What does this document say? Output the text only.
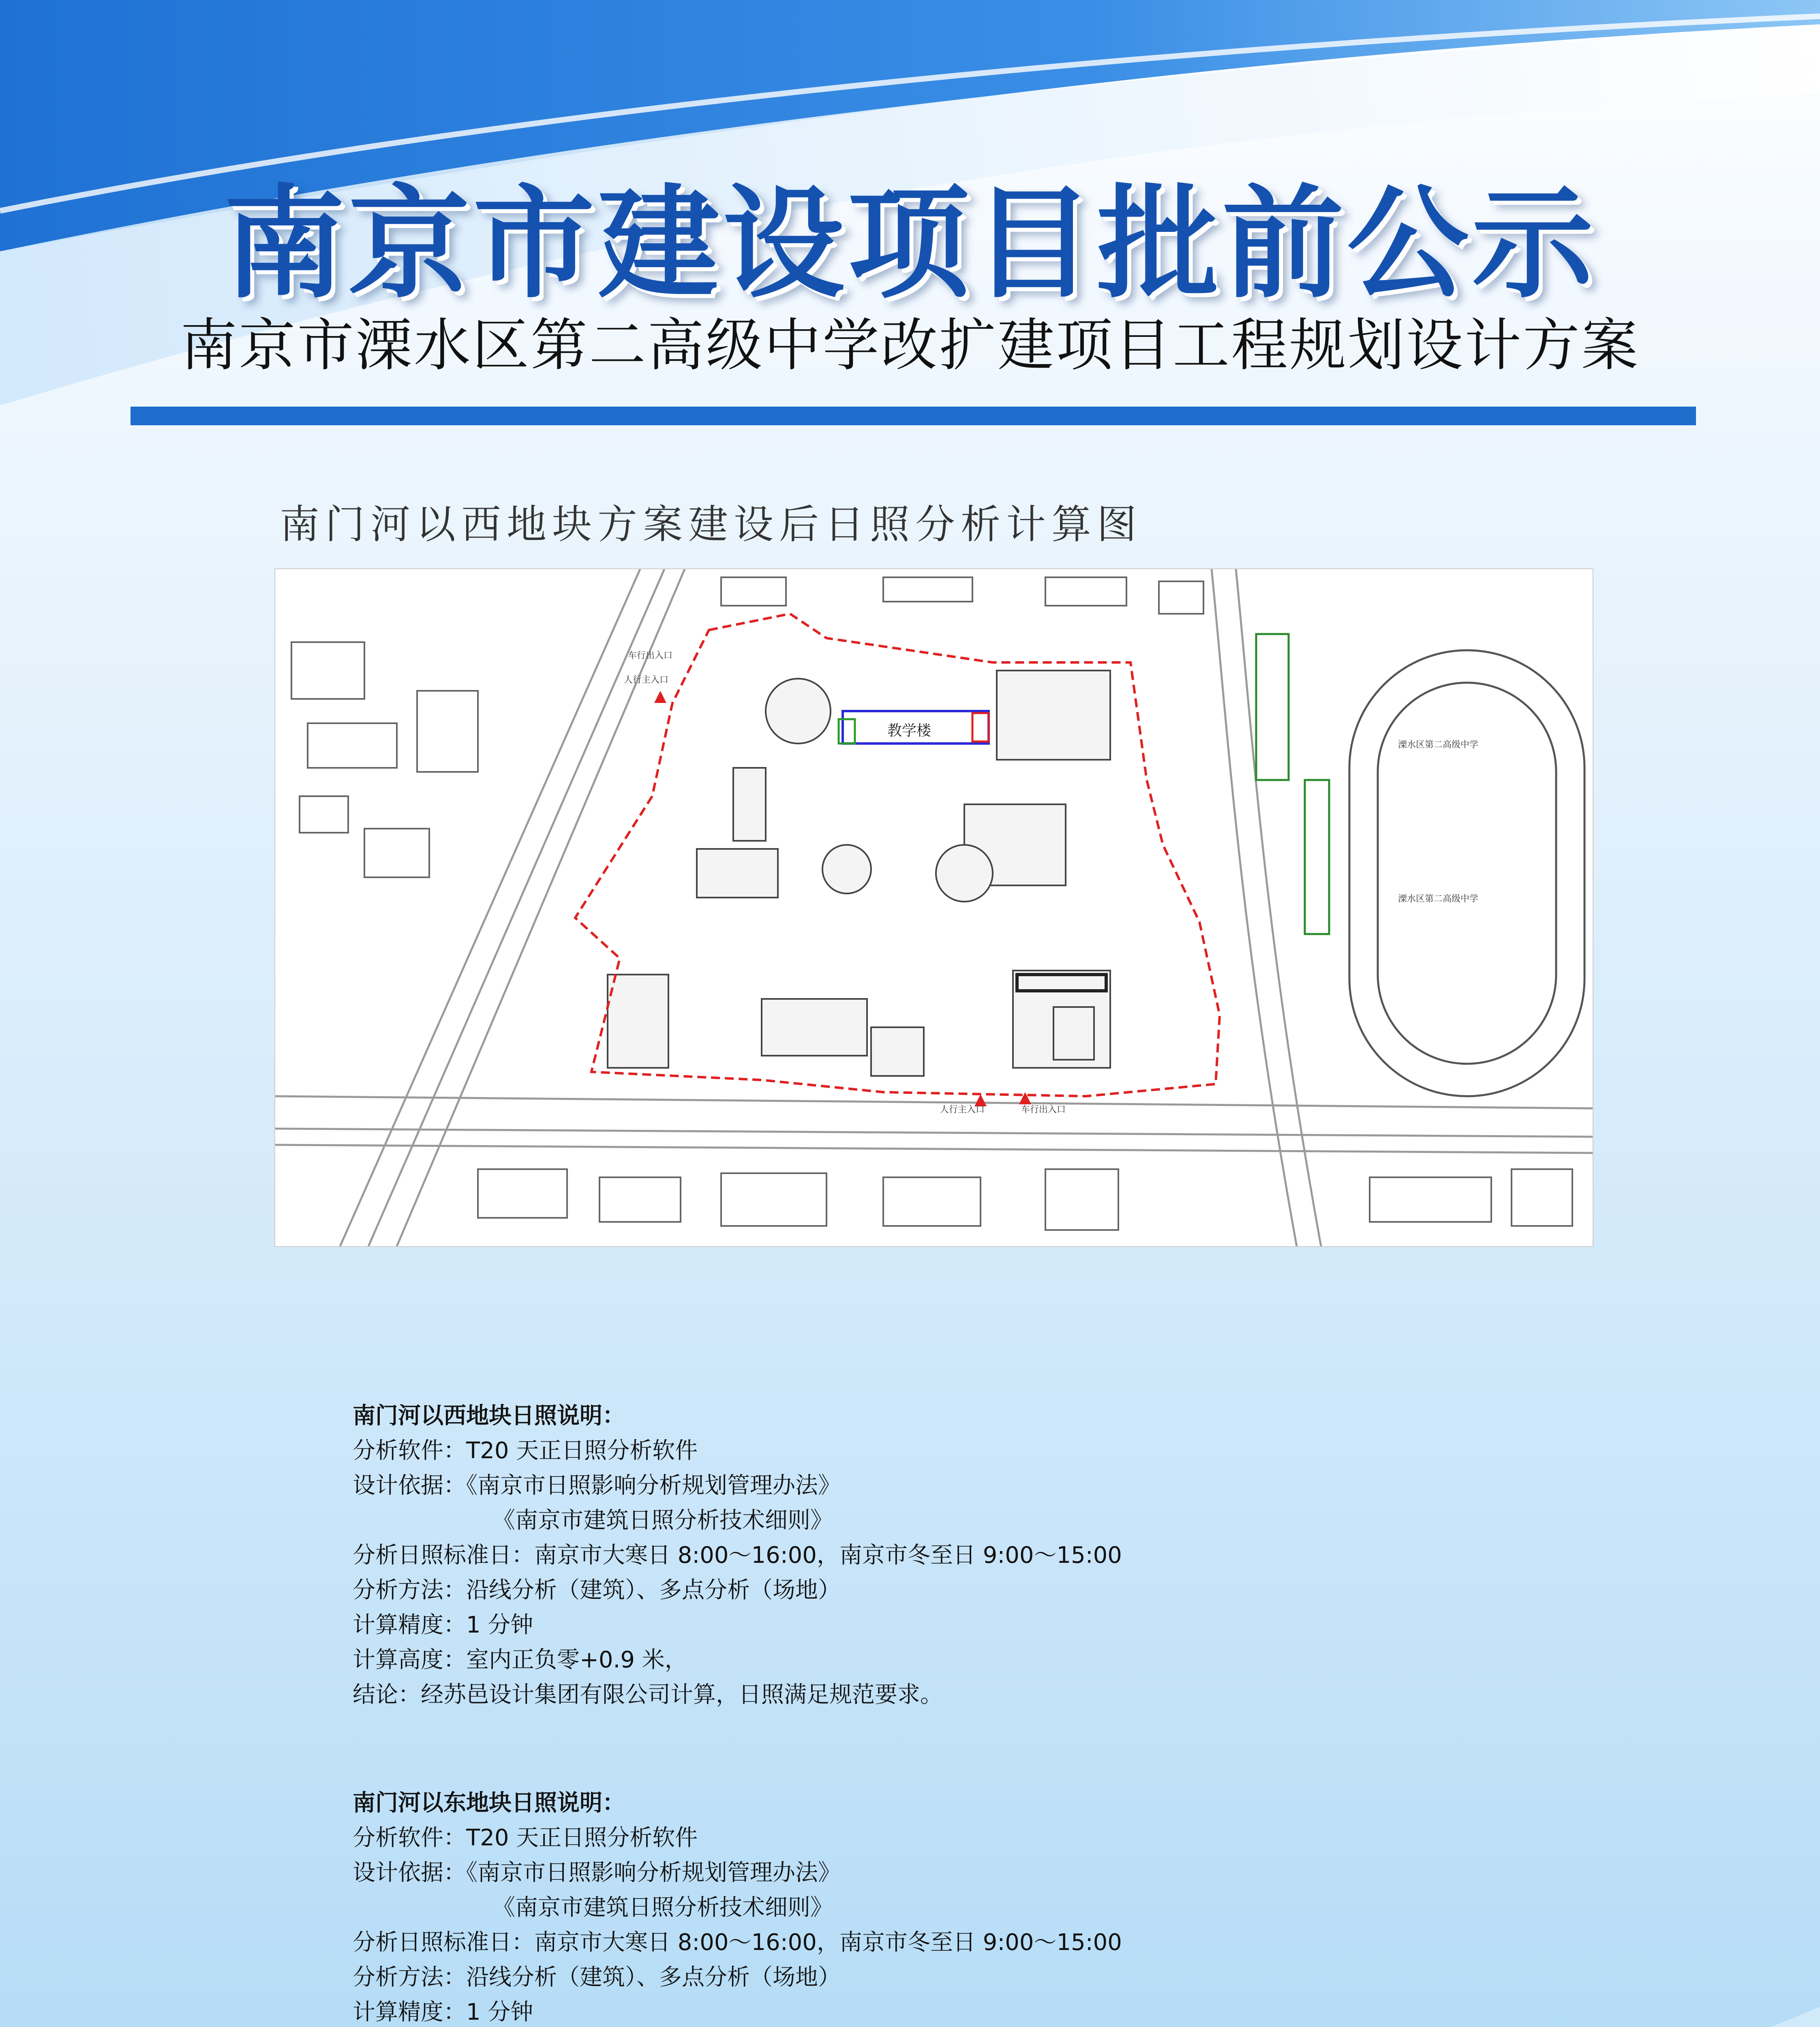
南京市建设项目批前公示
南京市溧水区第二高级中学改扩建项目工程规划设计方案
南门河以西地块方案建设后日照分析计算图
教学楼
人行主入口
人行主入口
车行出入口
车行出入口
溧水区第二高级中学
溧水区第二高级中学
南门河以西地块日照说明：
分析软件：T20 天正日照分析软件
设计依据：《南京市日照影响分析规划管理办法》
《南京市建筑日照分析技术细则》
分析日照标准日：南京市大寒日 8:00～16:00，南京市冬至日 9:00～15:00
分析方法：沿线分析（建筑）、多点分析（场地）
计算精度：1 分钟
计算高度：室内正负零+0.9 米，
结论：经苏邑设计集团有限公司计算，日照满足规范要求。
南门河以东地块日照说明：
分析软件：T20 天正日照分析软件
设计依据：《南京市日照影响分析规划管理办法》
《南京市建筑日照分析技术细则》
分析日照标准日：南京市大寒日 8:00～16:00，南京市冬至日 9:00～15:00
分析方法：沿线分析（建筑）、多点分析（场地）
计算精度：1 分钟
